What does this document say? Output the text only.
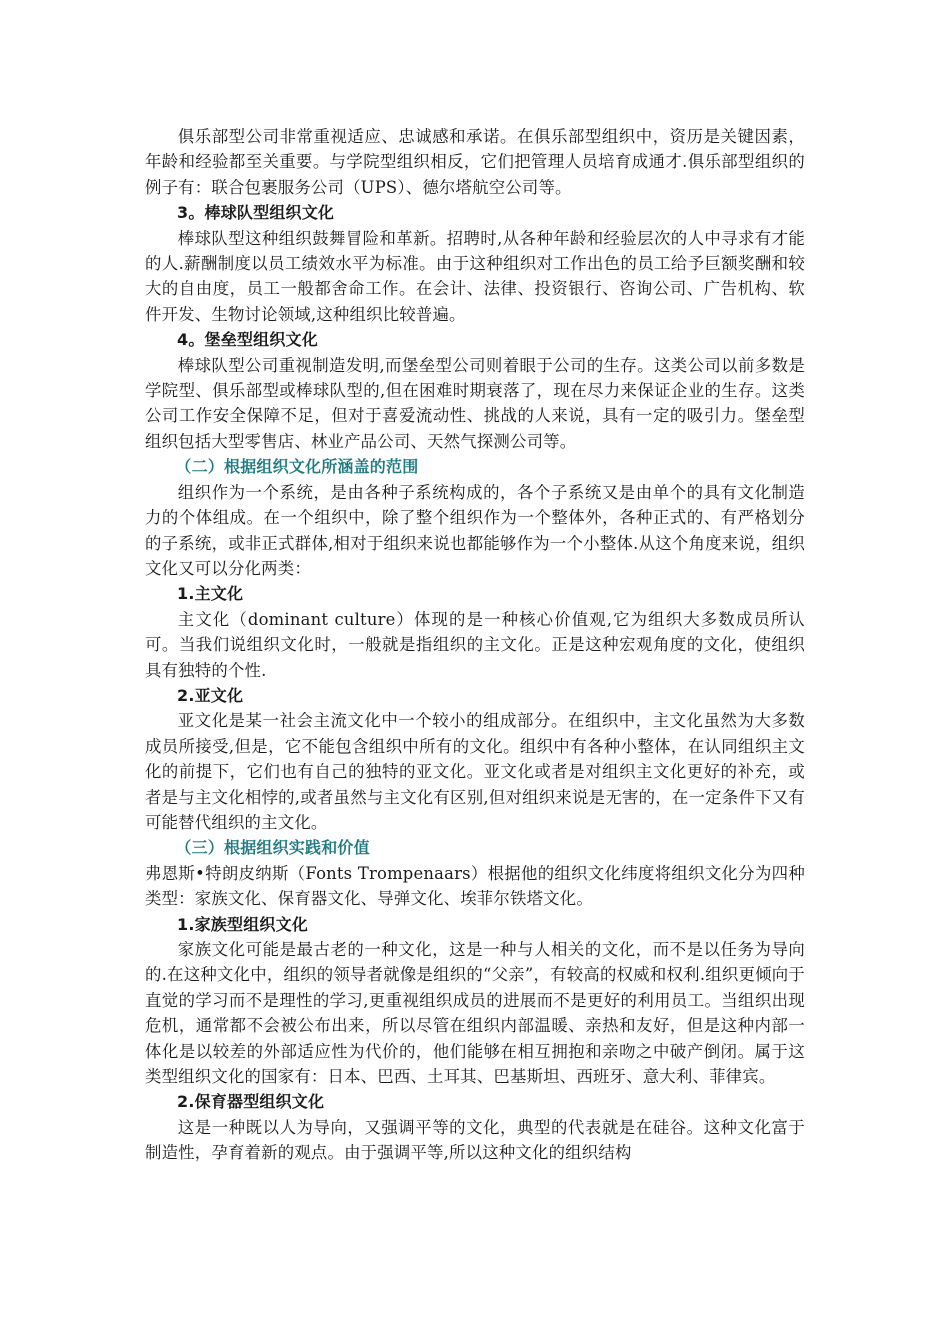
俱乐部型公司非常重视适应、忠诚感和承诺。在俱乐部型组织中，资历是关键因素，年龄和经验都至关重要。与学院型组织相反，它们把管理人员培育成通才.俱乐部型组织的例子有：联合包裹服务公司（UPS）、德尔塔航空公司等。

3。棒球队型组织文化

棒球队型这种组织鼓舞冒险和革新。招聘时,从各种年龄和经验层次的人中寻求有才能的人.薪酬制度以员工绩效水平为标准。由于这种组织对工作出色的员工给予巨额奖酬和较大的自由度，员工一般都舍命工作。在会计、法律、投资银行、咨询公司、广告机构、软件开发、生物讨论领域,这种组织比较普遍。

4。堡垒型组织文化

棒球队型公司重视制造发明,而堡垒型公司则着眼于公司的生存。这类公司以前多数是学院型、俱乐部型或棒球队型的,但在困难时期衰落了，现在尽力来保证企业的生存。这类公司工作安全保障不足，但对于喜爱流动性、挑战的人来说，具有一定的吸引力。堡垒型组织包括大型零售店、林业产品公司、天然气探测公司等。

（二）根据组织文化所涵盖的范围

组织作为一个系统，是由各种子系统构成的，各个子系统又是由单个的具有文化制造力的个体组成。在一个组织中，除了整个组织作为一个整体外，各种正式的、有严格划分的子系统，或非正式群体,相对于组织来说也都能够作为一个小整体.从这个角度来说，组织文化又可以分化两类：

1.主文化

主文化（dominant culture）体现的是一种核心价值观,它为组织大多数成员所认可。当我们说组织文化时，一般就是指组织的主文化。正是这种宏观角度的文化，使组织具有独特的个性.

2.亚文化

亚文化是某一社会主流文化中一个较小的组成部分。在组织中，主文化虽然为大多数成员所接受,但是，它不能包含组织中所有的文化。组织中有各种小整体，在认同组织主文化的前提下，它们也有自己的独特的亚文化。亚文化或者是对组织主文化更好的补充，或者是与主文化相悖的,或者虽然与主文化有区别,但对组织来说是无害的，在一定条件下又有可能替代组织的主文化。

（三）根据组织实践和价值

弗恩斯•特朗皮纳斯（Fonts Trompenaars）根据他的组织文化纬度将组织文化分为四种类型：家族文化、保育器文化、导弹文化、埃菲尔铁塔文化。

1.家族型组织文化

家族文化可能是最古老的一种文化，这是一种与人相关的文化，而不是以任务为导向的.在这种文化中，组织的领导者就像是组织的“父亲”，有较高的权威和权利.组织更倾向于直觉的学习而不是理性的学习,更重视组织成员的进展而不是更好的利用员工。当组织出现危机，通常都不会被公布出来，所以尽管在组织内部温暖、亲热和友好，但是这种内部一体化是以较差的外部适应性为代价的，他们能够在相互拥抱和亲吻之中破产倒闭。属于这类型组织文化的国家有：日本、巴西、土耳其、巴基斯坦、西班牙、意大利、菲律宾。

2.保育器型组织文化

这是一种既以人为导向，又强调平等的文化，典型的代表就是在硅谷。这种文化富于制造性，孕育着新的观点。由于强调平等,所以这种文化的组织结构
